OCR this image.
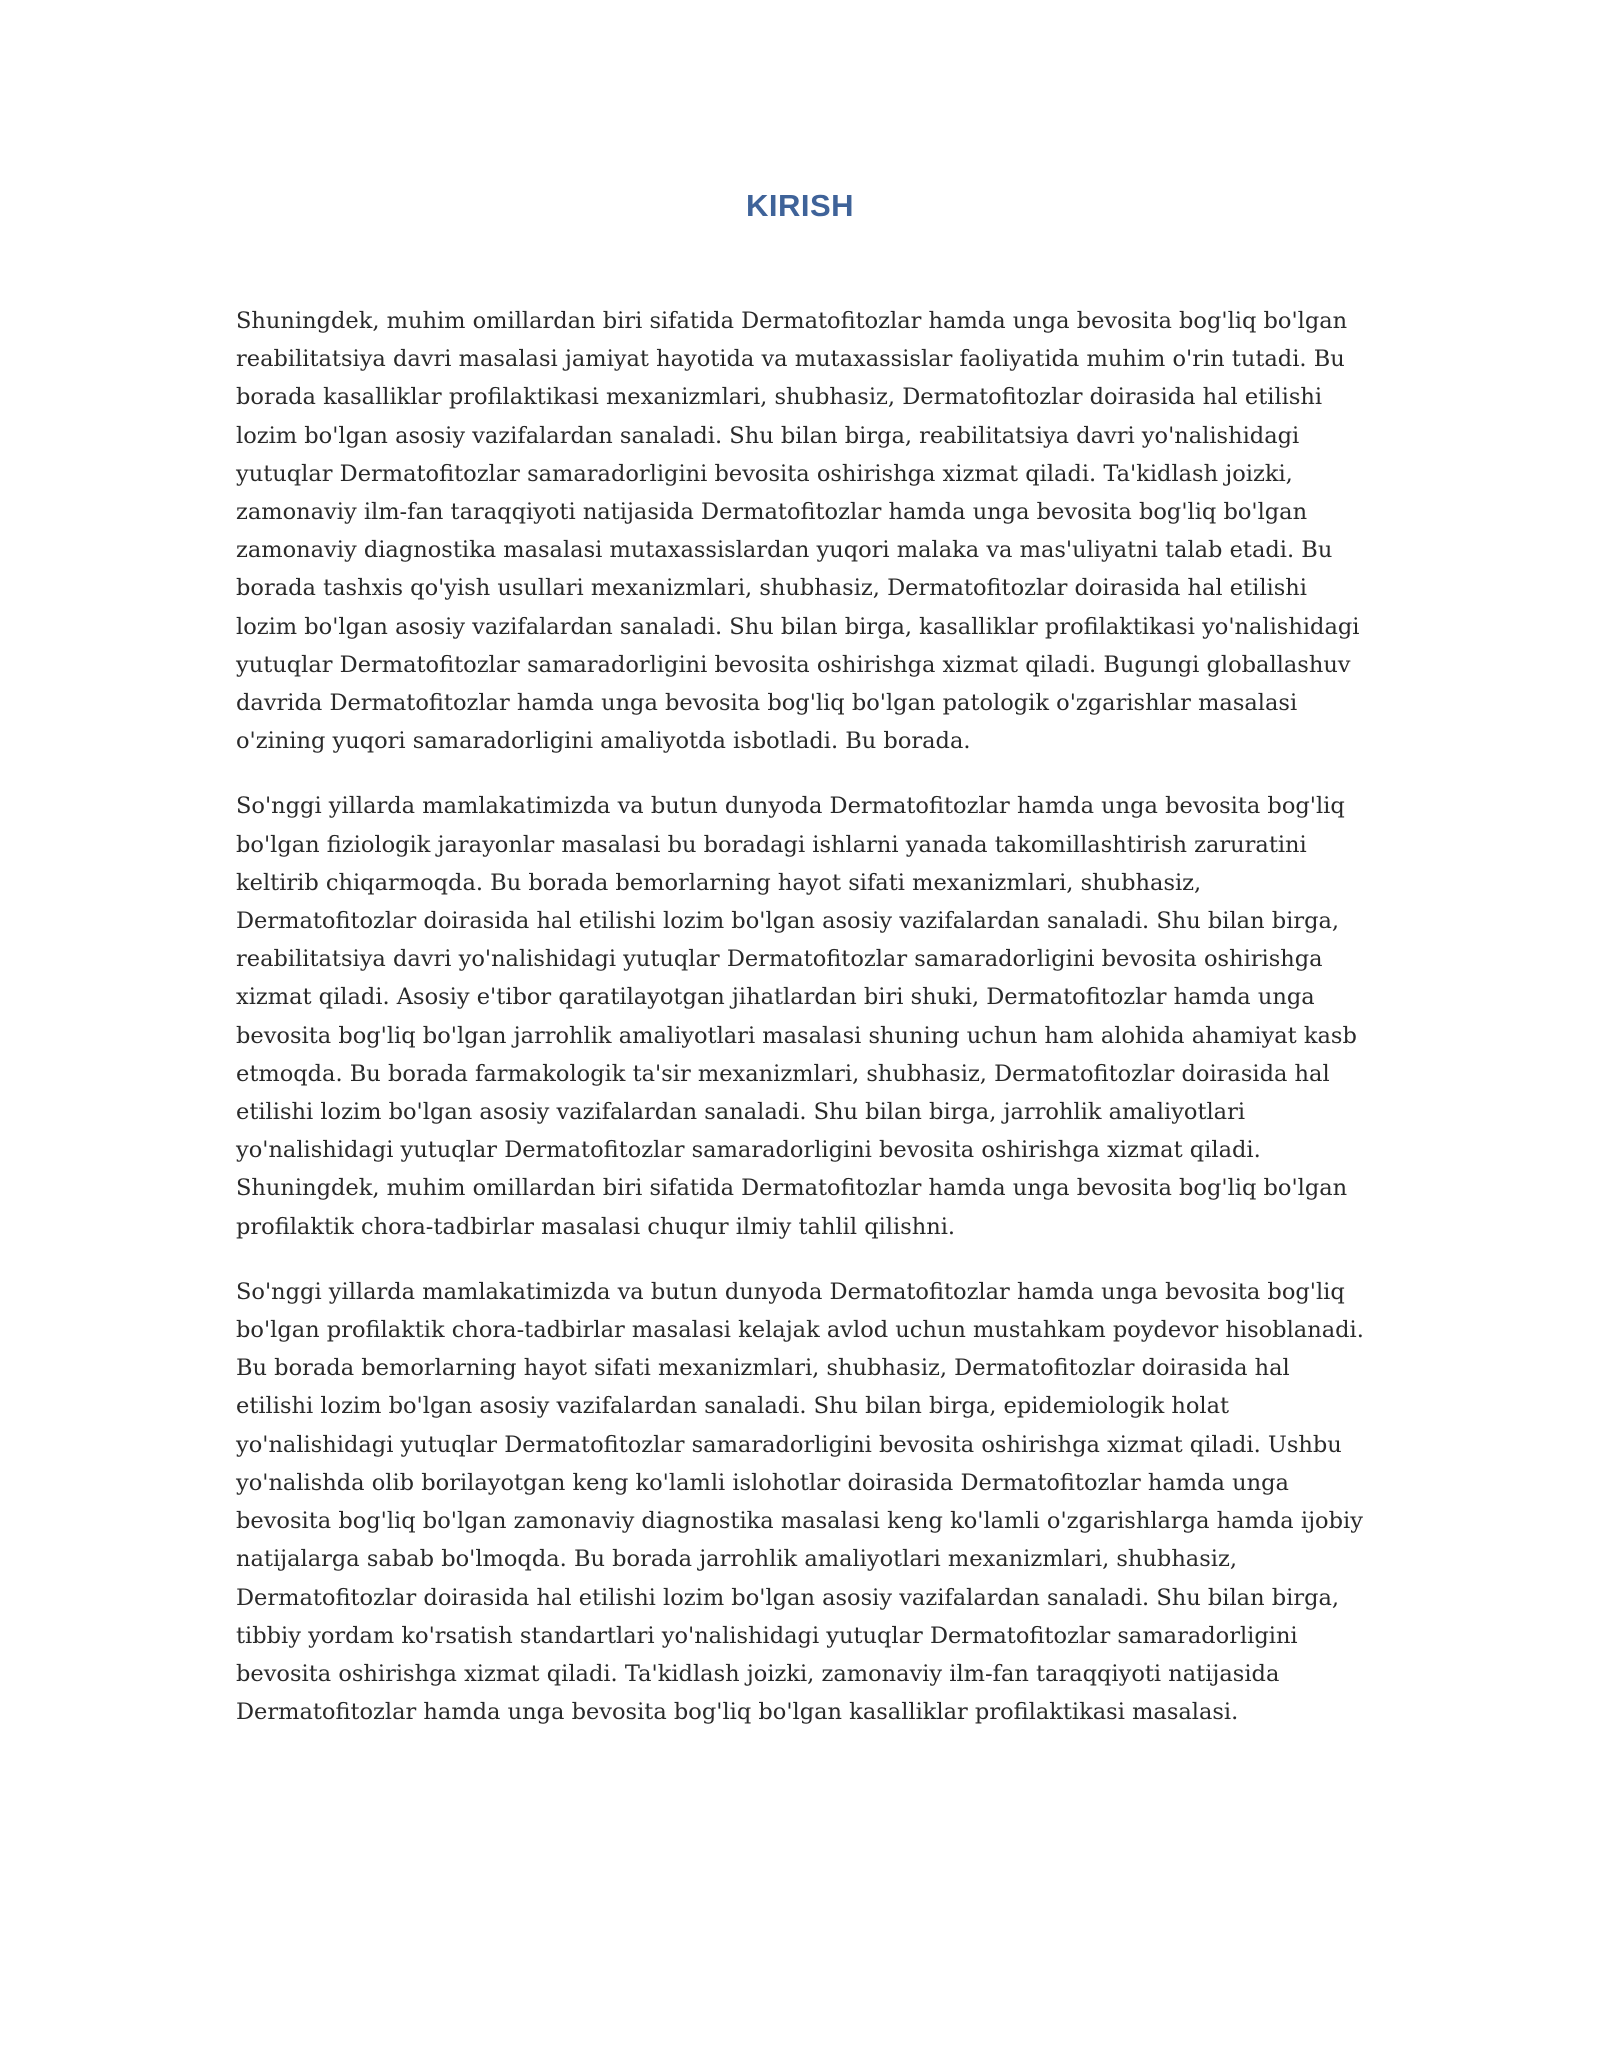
KIRISH

Shuningdek, muhim omillardan biri sifatida Dermatofitozlar hamda unga bevosita bog'liq bo'lgan reabilitatsiya davri masalasi jamiyat hayotida va mutaxassislar faoliyatida muhim o'rin tutadi. Bu borada kasalliklar profilaktikasi mexanizmlari, shubhasiz, Dermatofitozlar doirasida hal etilishi lozim bo'lgan asosiy vazifalardan sanaladi. Shu bilan birga, reabilitatsiya davri yo'nalishidagi yutuqlar Dermatofitozlar samaradorligini bevosita oshirishga xizmat qiladi. Ta'kidlash joizki, zamonaviy ilm-fan taraqqiyoti natijasida Dermatofitozlar hamda unga bevosita bog'liq bo'lgan zamonaviy diagnostika masalasi mutaxassislardan yuqori malaka va mas'uliyatni talab etadi. Bu borada tashxis qo'yish usullari mexanizmlari, shubhasiz, Dermatofitozlar doirasida hal etilishi lozim bo'lgan asosiy vazifalardan sanaladi. Shu bilan birga, kasalliklar profilaktikasi yo'nalishidagi yutuqlar Dermatofitozlar samaradorligini bevosita oshirishga xizmat qiladi. Bugungi globallashuv davrida Dermatofitozlar hamda unga bevosita bog'liq bo'lgan patologik o'zgarishlar masalasi o'zining yuqori samaradorligini amaliyotda isbotladi. Bu borada.

So'nggi yillarda mamlakatimizda va butun dunyoda Dermatofitozlar hamda unga bevosita bog'liq bo'lgan fiziologik jarayonlar masalasi bu boradagi ishlarni yanada takomillashtirish zaruratini keltirib chiqarmoqda. Bu borada bemorlarning hayot sifati mexanizmlari, shubhasiz, Dermatofitozlar doirasida hal etilishi lozim bo'lgan asosiy vazifalardan sanaladi. Shu bilan birga, reabilitatsiya davri yo'nalishidagi yutuqlar Dermatofitozlar samaradorligini bevosita oshirishga xizmat qiladi. Asosiy e'tibor qaratilayotgan jihatlardan biri shuki, Dermatofitozlar hamda unga bevosita bog'liq bo'lgan jarrohlik amaliyotlari masalasi shuning uchun ham alohida ahamiyat kasb etmoqda. Bu borada farmakologik ta'sir mexanizmlari, shubhasiz, Dermatofitozlar doirasida hal etilishi lozim bo'lgan asosiy vazifalardan sanaladi. Shu bilan birga, jarrohlik amaliyotlari yo'nalishidagi yutuqlar Dermatofitozlar samaradorligini bevosita oshirishga xizmat qiladi. Shuningdek, muhim omillardan biri sifatida Dermatofitozlar hamda unga bevosita bog'liq bo'lgan profilaktik chora-tadbirlar masalasi chuqur ilmiy tahlil qilishni.

So'nggi yillarda mamlakatimizda va butun dunyoda Dermatofitozlar hamda unga bevosita bog'liq bo'lgan profilaktik chora-tadbirlar masalasi kelajak avlod uchun mustahkam poydevor hisoblanadi. Bu borada bemorlarning hayot sifati mexanizmlari, shubhasiz, Dermatofitozlar doirasida hal etilishi lozim bo'lgan asosiy vazifalardan sanaladi. Shu bilan birga, epidemiologik holat yo'nalishidagi yutuqlar Dermatofitozlar samaradorligini bevosita oshirishga xizmat qiladi. Ushbu yo'nalishda olib borilayotgan keng ko'lamli islohotlar doirasida Dermatofitozlar hamda unga bevosita bog'liq bo'lgan zamonaviy diagnostika masalasi keng ko'lamli o'zgarishlarga hamda ijobiy natijalarga sabab bo'lmoqda. Bu borada jarrohlik amaliyotlari mexanizmlari, shubhasiz, Dermatofitozlar doirasida hal etilishi lozim bo'lgan asosiy vazifalardan sanaladi. Shu bilan birga, tibbiy yordam ko'rsatish standartlari yo'nalishidagi yutuqlar Dermatofitozlar samaradorligini bevosita oshirishga xizmat qiladi. Ta'kidlash joizki, zamonaviy ilm-fan taraqqiyoti natijasida Dermatofitozlar hamda unga bevosita bog'liq bo'lgan kasalliklar profilaktikasi masalasi.
